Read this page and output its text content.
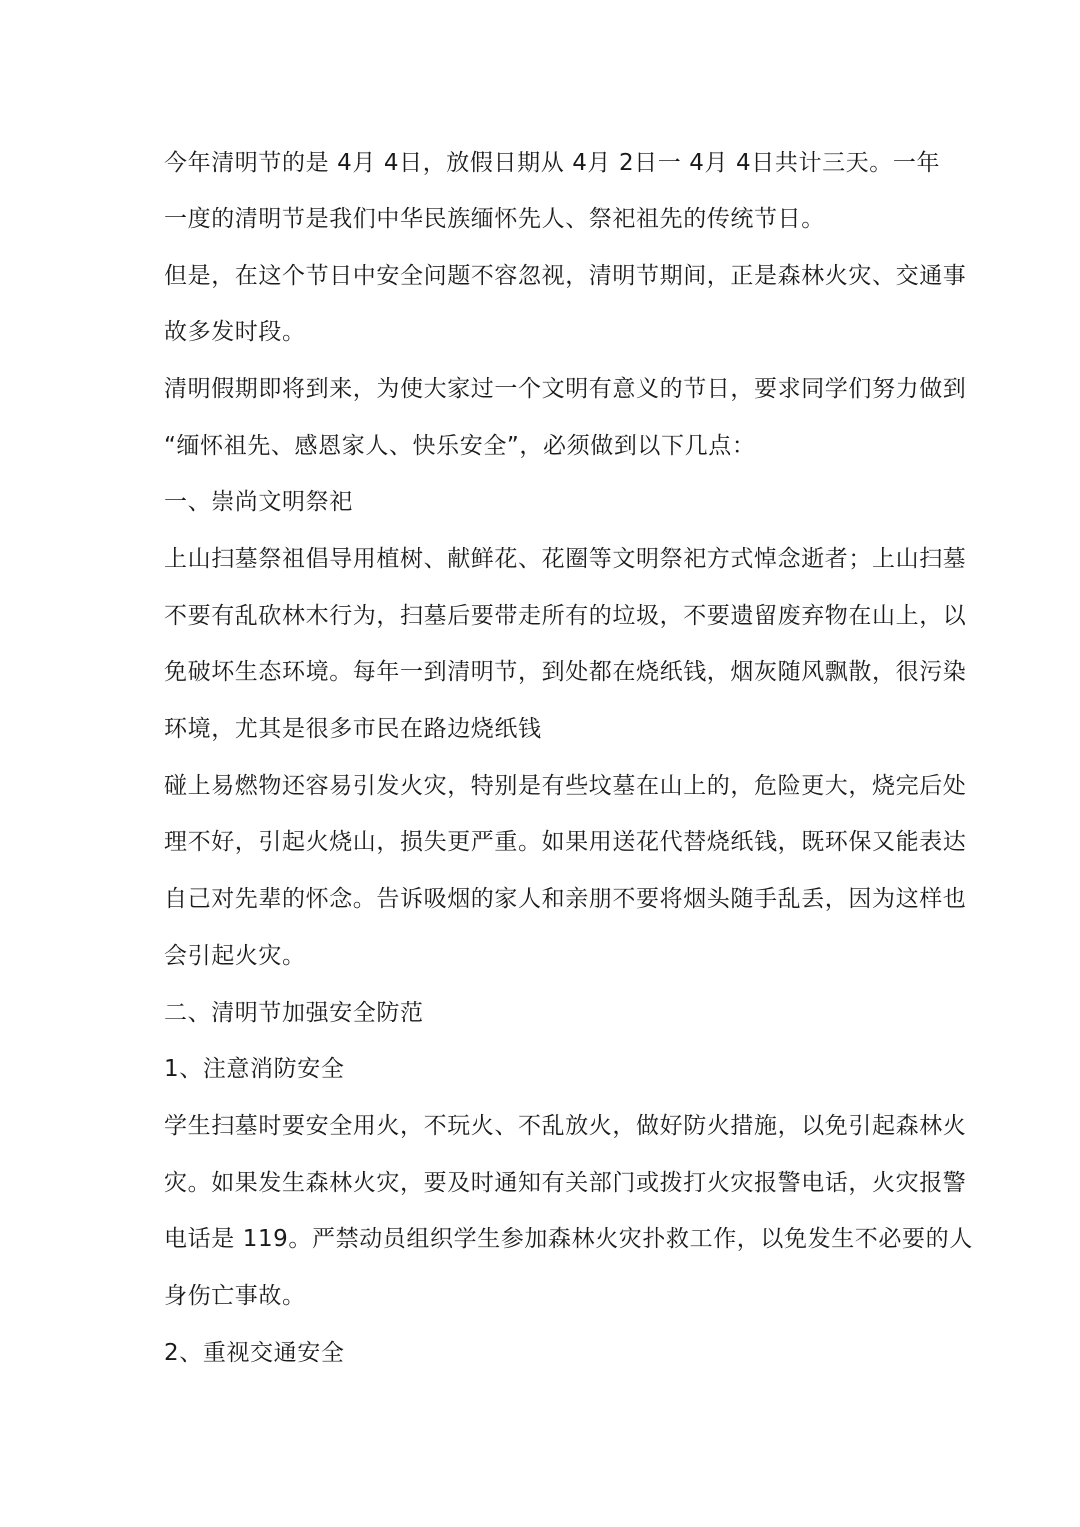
今年清明节的是 4月 4日，放假日期从 4月 2日一 4月 4日共计三天。一年
一度的清明节是我们中华民族缅怀先人、祭祀祖先的传统节日。
但是，在这个节日中安全问题不容忽视，清明节期间，正是森林火灾、交通事
故多发时段。
清明假期即将到来，为使大家过一个文明有意义的节日，要求同学们努力做到
“缅怀祖先、感恩家人、快乐安全”，必须做到以下几点：
一、崇尚文明祭祀
上山扫墓祭祖倡导用植树、献鲜花、花圈等文明祭祀方式悼念逝者；上山扫墓
不要有乱砍林木行为，扫墓后要带走所有的垃圾，不要遗留废弃物在山上，以
免破坏生态环境。每年一到清明节，到处都在烧纸钱，烟灰随风飘散，很污染
环境，尤其是很多市民在路边烧纸钱
碰上易燃物还容易引发火灾，特别是有些坟墓在山上的，危险更大，烧完后处
理不好，引起火烧山，损失更严重。如果用送花代替烧纸钱，既环保又能表达
自己对先辈的怀念。告诉吸烟的家人和亲朋不要将烟头随手乱丢，因为这样也
会引起火灾。
二、清明节加强安全防范
1、注意消防安全
学生扫墓时要安全用火，不玩火、不乱放火，做好防火措施，以免引起森林火
灾。如果发生森林火灾，要及时通知有关部门或拨打火灾报警电话，火灾报警
电话是 119。严禁动员组织学生参加森林火灾扑救工作，以免发生不必要的人
身伤亡事故。
2、重视交通安全
